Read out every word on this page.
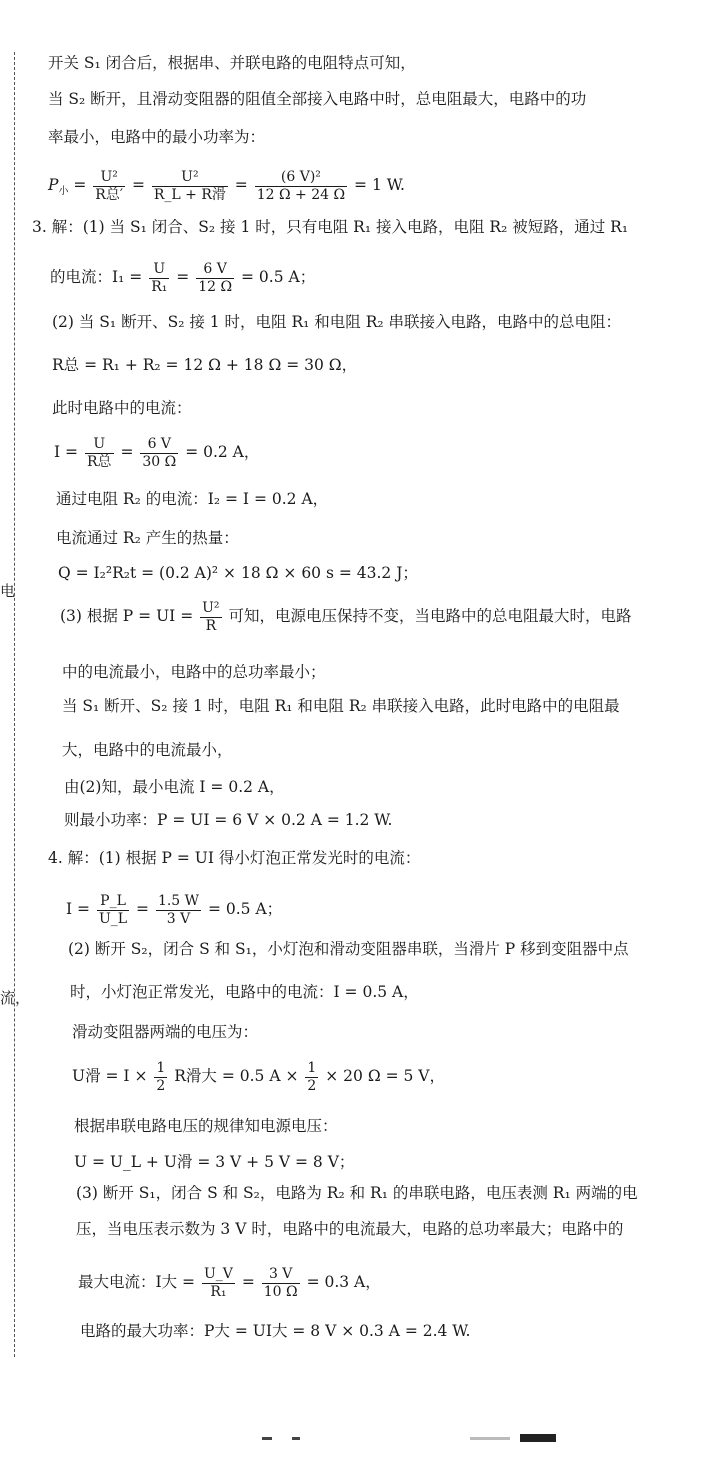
电
流，
开关 S₁ 闭合后，根据串、并联电路的电阻特点可知，
当 S₂ 断开，且滑动变阻器的阻值全部接入电路中时，总电阻最大，电路中的功
率最小，电路中的最小功率为：
$P_小 = U^2$
R总′
=	U²
R_L + R滑
= $\frac{\text{(6 V)²}}{12 \Omega + 24 \Omega} = 1$ W.
3. 解：(1) 当 S₁ 闭合、S₂ 接 1 时，只有电阻 R₁ 接入电路，电阻 R₂ 被短路，通过 R₁
的电流：$I_1 = \frac{U}{\text{R₁}} = \frac{6 V}{12 \Omega} = 0.5$ A；
(2) 当 S₁ 断开、S₂ 接 1 时，电阻 R₁ 和电阻 R₂ 串联接入电路，电路中的总电阻：
R总 = R₁ + R₂ = 12 Ω + 18 Ω = 30 Ω，
此时电路中的电流：
I =	U
R总
= $\frac{6 V}{30 \Omega} = 0.2$ A，
通过电阻 R₂ 的电流：I₂ = I = 0.2 A，
电流通过 R₂ 产生的热量：
Q = I₂²R₂t = (0.2 A)² × 18 Ω × 60 s = 43.2 J；
(3) 根据 P = UI = $\frac{\text{U²}}{R}$ 可知，电源电压保持不变，当电路中的总电阻最大时，电路
中的电流最小，电路中的总功率最小；
当 S₁ 断开、S₂ 接 1 时，电阻 R₁ 和电阻 R₂ 串联接入电路，此时电路中的电阻最
大，电路中的电流最小，
由(2)知，最小电流 I = 0.2 A，
则最小功率：P = UI = 6 V × 0.2 A = 1.2 W.
4. 解：(1) 根据 P = UI 得小灯泡正常发光时的电流：
$I = \frac{P\_L}{U\_L} = \frac{1.5 W}{3 V} = 0.5$ A；
(2) 断开 S₂，闭合 S 和 S₁，小灯泡和滑动变阻器串联，当滑片 P 移到变阻器中点
时，小灯泡正常发光，电路中的电流：I = 0.5 A，
滑动变阻器两端的电压为：
U滑 = $I \times \frac{1}{2}$ R滑大 = 0.5 $A \times \frac{1}{2} \times 20$ Ω = 5 V，
根据串联电路电压的规律知电源电压：
U = U_L + U滑 = 3 V + 5 V = 8 V；
(3) 断开 S₁，闭合 S 和 S₂，电路为 R₂ 和 R₁ 的串联电路，电压表测 R₁ 两端的电
压，当电压表示数为 3 V 时，电路中的电流最大，电路的总功率最大；电路中的
最大电流：I大 = $\frac{U\_V}{\text{R₁}} = \frac{3 V}{10 \Omega} = 0.3$ A，
电路的最大功率：P大 = UI大 = 8 V × 0.3 A = 2.4 W.
